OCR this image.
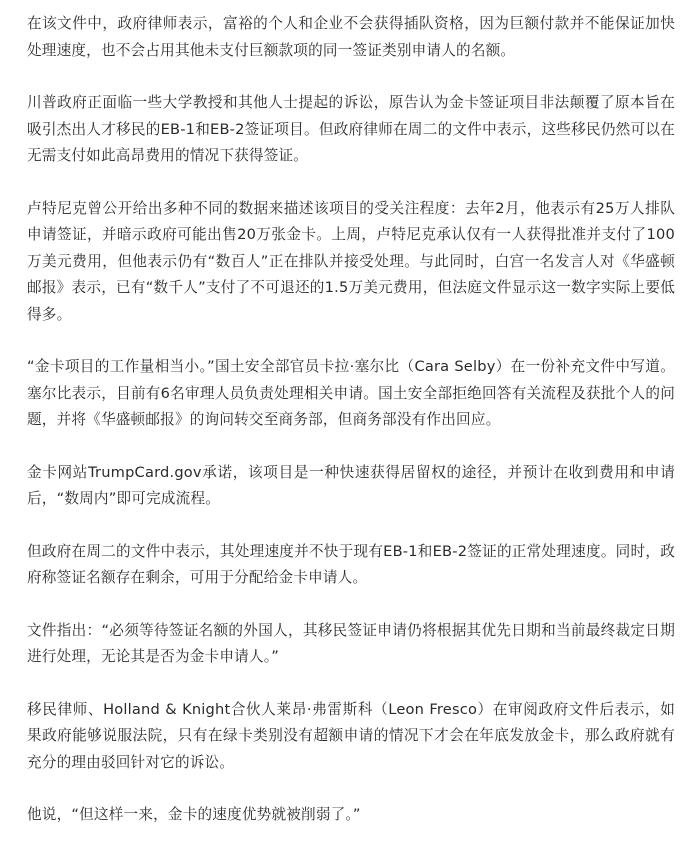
在该文件中，政府律师表示，富裕的个人和企业不会获得插队资格，因为巨额付款并不能保证加快处理速度，也不会占用其他未支付巨额款项的同一签证类别申请人的名额。

川普政府正面临一些大学教授和其他人士提起的诉讼，原告认为金卡签证项目非法颠覆了原本旨在吸引杰出人才移民的EB-1和EB-2签证项目。但政府律师在周二的文件中表示，这些移民仍然可以在无需支付如此高昂费用的情况下获得签证。

卢特尼克曾公开给出多种不同的数据来描述该项目的受关注程度：去年2月，他表示有25万人排队申请签证，并暗示政府可能出售20万张金卡。上周，卢特尼克承认仅有一人获得批准并支付了100万美元费用，但他表示仍有“数百人”正在排队并接受处理。与此同时，白宫一名发言人对《华盛顿邮报》表示，已有“数千人”支付了不可退还的1.5万美元费用，但法庭文件显示这一数字实际上要低得多。

“金卡项目的工作量相当小。”国土安全部官员卡拉·塞尔比（Cara Selby）在一份补充文件中写道。塞尔比表示，目前有6名审理人员负责处理相关申请。国土安全部拒绝回答有关流程及获批个人的问题，并将《华盛顿邮报》的询问转交至商务部，但商务部没有作出回应。

金卡网站TrumpCard.gov承诺，该项目是一种快速获得居留权的途径，并预计在收到费用和申请后，“数周内”即可完成流程。

但政府在周二的文件中表示，其处理速度并不快于现有EB-1和EB-2签证的正常处理速度。同时，政府称签证名额存在剩余，可用于分配给金卡申请人。

文件指出：“必须等待签证名额的外国人，其移民签证申请仍将根据其优先日期和当前最终裁定日期进行处理，无论其是否为金卡申请人。”

移民律师、Holland & Knight合伙人莱昂·弗雷斯科（Leon Fresco）在审阅政府文件后表示，如果政府能够说服法院，只有在绿卡类别没有超额申请的情况下才会在年底发放金卡，那么政府就有充分的理由驳回针对它的诉讼。

他说，“但这样一来，金卡的速度优势就被削弱了。”
